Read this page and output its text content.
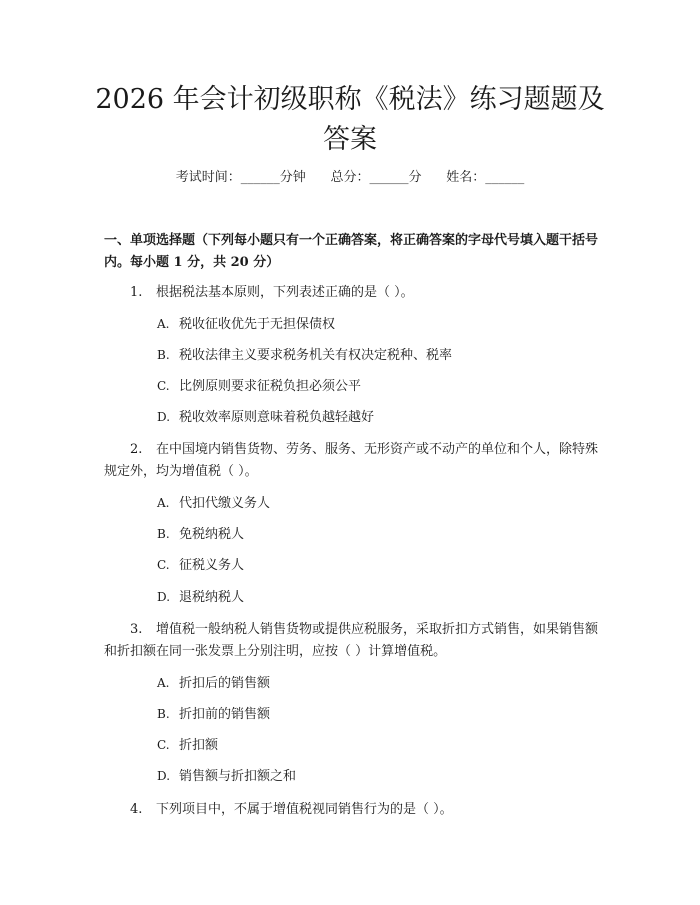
2026 年会计初级职称《税法》练习题题及答案
考试时间：______分钟      总分：______分      姓名：______

一、单项选择题（下列每小题只有一个正确答案，将正确答案的字母代号填入题干括号内。每小题 1 分，共 20 分）

1. 根据税法基本原则，下列表述正确的是（ ）。

A. 税收征收优先于无担保债权

B. 税收法律主义要求税务机关有权决定税种、税率

C. 比例原则要求征税负担必须公平

D. 税收效率原则意味着税负越轻越好

2. 在中国境内销售货物、劳务、服务、无形资产或不动产的单位和个人，除特殊规定外，均为增值税（ ）。

A. 代扣代缴义务人

B. 免税纳税人

C. 征税义务人

D. 退税纳税人

3. 增值税一般纳税人销售货物或提供应税服务，采取折扣方式销售，如果销售额和折扣额在同一张发票上分别注明，应按（ ）计算增值税。

A. 折扣后的销售额

B. 折扣前的销售额

C. 折扣额

D. 销售额与折扣额之和

4. 下列项目中，不属于增值税视同销售行为的是（ ）。
